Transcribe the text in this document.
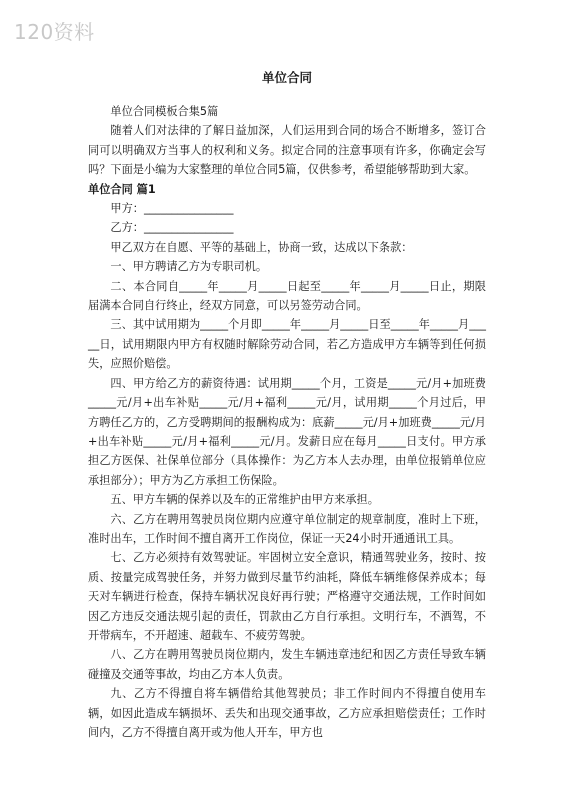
120资料
单位合同

单位合同模板合集5篇

随着人们对法律的了解日益加深，人们运用到合同的场合不断增多，签订合同可以明确双方当事人的权利和义务。拟定合同的注意事项有许多，你确定会写吗？下面是小编为大家整理的单位合同5篇，仅供参考，希望能够帮助到大家。

单位合同 篇1

甲方：________________

乙方：________________

甲乙双方在自愿、平等的基础上，协商一致，达成以下条款：

一、甲方聘请乙方为专职司机。

二、本合同自_____年_____月_____日起至_____年_____月_____日止，期限届满本合同自行终止，经双方同意，可以另签劳动合同。

三、其中试用期为_____个月即_____年_____月_____日至_____年_____月_____日，试用期限内甲方有权随时解除劳动合同，若乙方造成甲方车辆等到任何损失，应照价赔偿。

四、甲方给乙方的薪资待遇：试用期_____个月，工资是_____元/月+加班费_____元/月+出车补贴_____元/月+福利_____元/月，试用期_____个月过后，甲方聘任乙方的，乙方受聘期间的报酬构成为：底薪_____元/月+加班费_____元/月+出车补贴_____元/月+福利_____元/月。发薪日应在每月_____日支付。甲方承担乙方医保、社保单位部分（具体操作：为乙方本人去办理，由单位报销单位应承担部分）；甲方为乙方承担工伤保险。

五、甲方车辆的保养以及车的正常维护由甲方来承担。

六、乙方在聘用驾驶员岗位期内应遵守单位制定的规章制度，准时上下班，准时出车，工作时间不擅自离开工作岗位，保证一天24小时开通通讯工具。

七、乙方必须持有效驾驶证。牢固树立安全意识，精通驾驶业务，按时、按质、按量完成驾驶任务，并努力做到尽量节约油耗，降低车辆维修保养成本；每天对车辆进行检查，保持车辆状况良好再行驶；严格遵守交通法规，工作时间如因乙方违反交通法规引起的责任，罚款由乙方自行承担。文明行车，不酒驾，不开带病车，不开超速、超载车、不疲劳驾驶。

八、乙方在聘用驾驶员岗位期内，发生车辆违章违纪和因乙方责任导致车辆碰撞及交通等事故，均由乙方本人负责。

九、乙方不得擅自将车辆借给其他驾驶员；非工作时间内不得擅自使用车辆，如因此造成车辆损坏、丢失和出现交通事故，乙方应承担赔偿责任；工作时间内，乙方不得擅自离开或为他人开车，甲方也
